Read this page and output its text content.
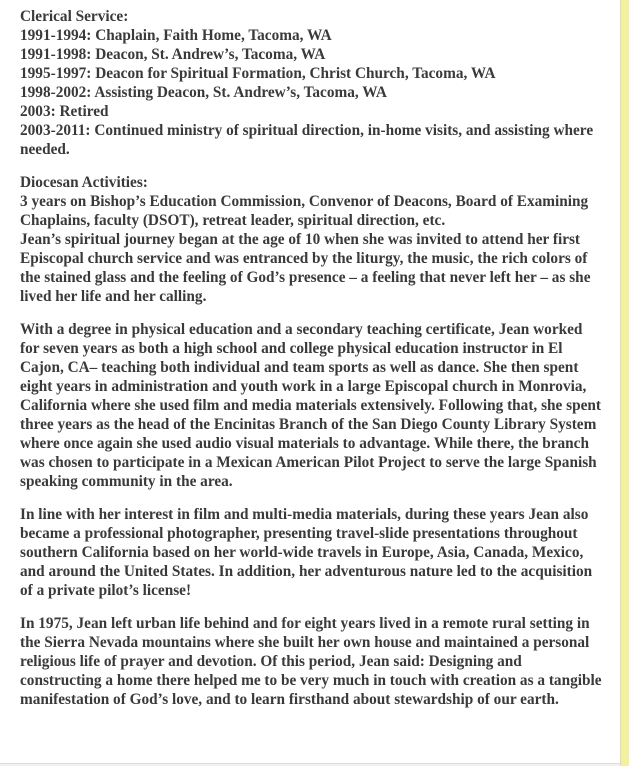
Clerical Service:
1991-1994: Chaplain, Faith Home, Tacoma, WA
1991-1998: Deacon, St. Andrew’s, Tacoma, WA
1995-1997: Deacon for Spiritual Formation, Christ Church, Tacoma, WA
1998-2002: Assisting Deacon, St. Andrew’s, Tacoma, WA
2003: Retired
2003-2011: Continued ministry of spiritual direction, in-home visits, and assisting where needed.
Diocesan Activities:
3 years on Bishop’s Education Commission, Convenor of Deacons, Board of Examining Chaplains, faculty (DSOT), retreat leader, spiritual direction, etc.
Jean’s spiritual journey began at the age of 10 when she was invited to attend her first Episcopal church service and was entranced by the liturgy, the music, the rich colors of the stained glass and the feeling of God’s presence – a feeling that never left her – as she lived her life and her calling.

With a degree in physical education and a secondary teaching certificate, Jean worked for seven years as both a high school and college physical education instructor in El Cajon, CA– teaching both individual and team sports as well as dance. She then spent eight years in administration and youth work in a large Episcopal church in Monrovia, California where she used film and media materials extensively. Following that, she spent three years as the head of the Encinitas Branch of the San Diego County Library System where once again she used audio visual materials to advantage. While there, the branch was chosen to participate in a Mexican American Pilot Project to serve the large Spanish speaking community in the area.

In line with her interest in film and multi-media materials, during these years Jean also became a professional photographer, presenting travel-slide presentations throughout southern California based on her world-wide travels in Europe, Asia, Canada, Mexico, and around the United States. In addition, her adventurous nature led to the acquisition of a private pilot’s license!

In 1975, Jean left urban life behind and for eight years lived in a remote rural setting in the Sierra Nevada mountains where she built her own house and maintained a personal religious life of prayer and devotion. Of this period, Jean said: Designing and constructing a home there helped me to be very much in touch with creation as a tangible manifestation of God’s love, and to learn firsthand about stewardship of our earth.
